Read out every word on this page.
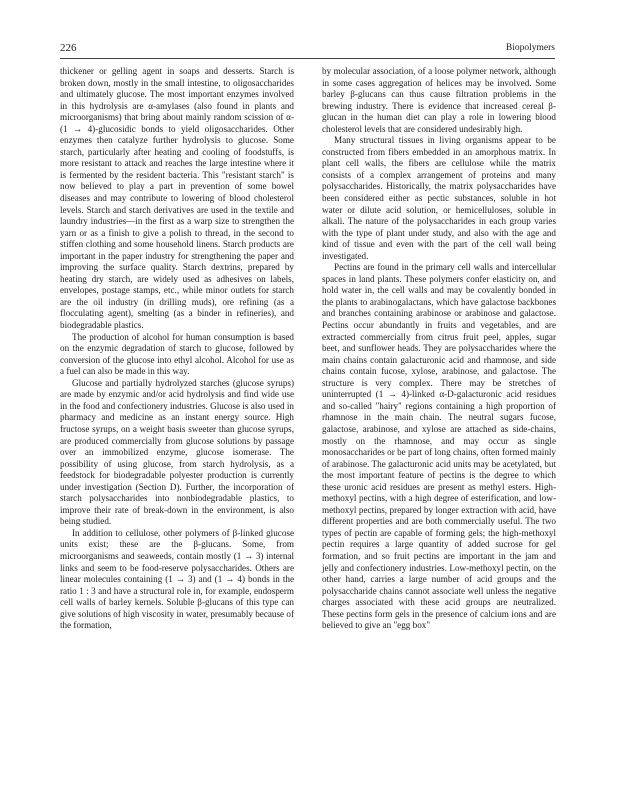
226	Biopolymers

thickener or gelling agent in soaps and desserts. Starch is broken down, mostly in the small intestine, to oligosaccharides and ultimately glucose. The most important enzymes involved in this hydrolysis are α-amylases (also found in plants and microorganisms) that bring about mainly random scission of α-(1 → 4)-glucosidic bonds to yield oligosaccharides. Other enzymes then catalyze further hydrolysis to glucose. Some starch, particularly after heating and cooling of foodstuffs, is more resistant to attack and reaches the large intestine where it is fermented by the resident bacteria. This "resistant starch" is now believed to play a part in prevention of some bowel diseases and may contribute to lowering of blood cholesterol levels. Starch and starch derivatives are used in the textile and laundry industries—in the first as a warp size to strengthen the yarn or as a finish to give a polish to thread, in the second to stiffen clothing and some household linens. Starch products are important in the paper industry for strengthening the paper and improving the surface quality. Starch dextrins, prepared by heating dry starch, are widely used as adhesives on labels, envelopes, postage stamps, etc., while minor outlets for starch are the oil industry (in drilling muds), ore refining (as a flocculating agent), smelting (as a binder in refineries), and biodegradable plastics.

The production of alcohol for human consumption is based on the enzymic degradation of starch to glucose, followed by conversion of the glucose into ethyl alcohol. Alcohol for use as a fuel can also be made in this way.

Glucose and partially hydrolyzed starches (glucose syrups) are made by enzymic and/or acid hydrolysis and find wide use in the food and confectionery industries. Glucose is also used in pharmacy and medicine as an instant energy source. High fructose syrups, on a weight basis sweeter than glucose syrups, are produced commercially from glucose solutions by passage over an immobilized enzyme, glucose isomerase. The possibility of using glucose, from starch hydrolysis, as a feedstock for biodegradable polyester production is currently under investigation (Section D). Further, the incorporation of starch polysaccharides into nonbiodegradable plastics, to improve their rate of break-down in the environment, is also being studied.

In addition to cellulose, other polymers of β-linked glucose units exist; these are the β-glucans. Some, from microorganisms and seaweeds, contain mostly (1 → 3) internal links and seem to be food-reserve polysaccharides. Others are linear molecules containing (1 → 3) and (1 → 4) bonds in the ratio 1 : 3 and have a structural role in, for example, endosperm cell walls of barley kernels. Soluble β-glucans of this type can give solutions of high viscosity in water, presumably because of the formation,

by molecular association, of a loose polymer network, although in some cases aggregation of helices may be involved. Some barley β-glucans can thus cause filtration problems in the brewing industry. There is evidence that increased cereal β-glucan in the human diet can play a role in lowering blood cholesterol levels that are considered undesirably high.

Many structural tissues in living organisms appear to be constructed from fibers embedded in an amorphous matrix. In plant cell walls, the fibers are cellulose while the matrix consists of a complex arrangement of proteins and many polysaccharides. Historically, the matrix polysaccharides have been considered either as pectic substances, soluble in hot water or dilute acid solution, or hemicelluloses, soluble in alkali. The nature of the polysaccharides in each group varies with the type of plant under study, and also with the age and kind of tissue and even with the part of the cell wall being investigated.

Pectins are found in the primary cell walls and intercellular spaces in land plants. These polymers confer elasticity on, and hold water in, the cell walls and may be covalently bonded in the plants to arabinogalactans, which have galactose backbones and branches containing arabinose or arabinose and galactose. Pectins occur abundantly in fruits and vegetables, and are extracted commercially from citrus fruit peel, apples, sugar beet, and sunflower heads. They are polysaccharides where the main chains contain galacturonic acid and rhamnose, and side chains contain fucose, xylose, arabinose, and galactose. The structure is very complex. There may be stretches of uninterrupted (1 → 4)-linked α-D-galacturonic acid residues and so-called "hairy" regions containing a high proportion of rhamnose in the main chain. The neutral sugars fucose, galactose, arabinose, and xylose are attached as side-chains, mostly on the rhamnose, and may occur as single monosaccharides or be part of long chains, often formed mainly of arabinose. The galacturonic acid units may be acetylated, but the most important feature of pectins is the degree to which these uronic acid residues are present as methyl esters. High-methoxyl pectins, with a high degree of esterification, and low-methoxyl pectins, prepared by longer extraction with acid, have different properties and are both commercially useful. The two types of pectin are capable of forming gels; the high-methoxyl pectin requires a large quantity of added sucrose for gel formation, and so fruit pectins are important in the jam and jelly and confectionery industries. Low-methoxyl pectin, on the other hand, carries a large number of acid groups and the polysaccharide chains cannot associate well unless the negative charges associated with these acid groups are neutralized. These pectins form gels in the presence of calcium ions and are believed to give an "egg box"
